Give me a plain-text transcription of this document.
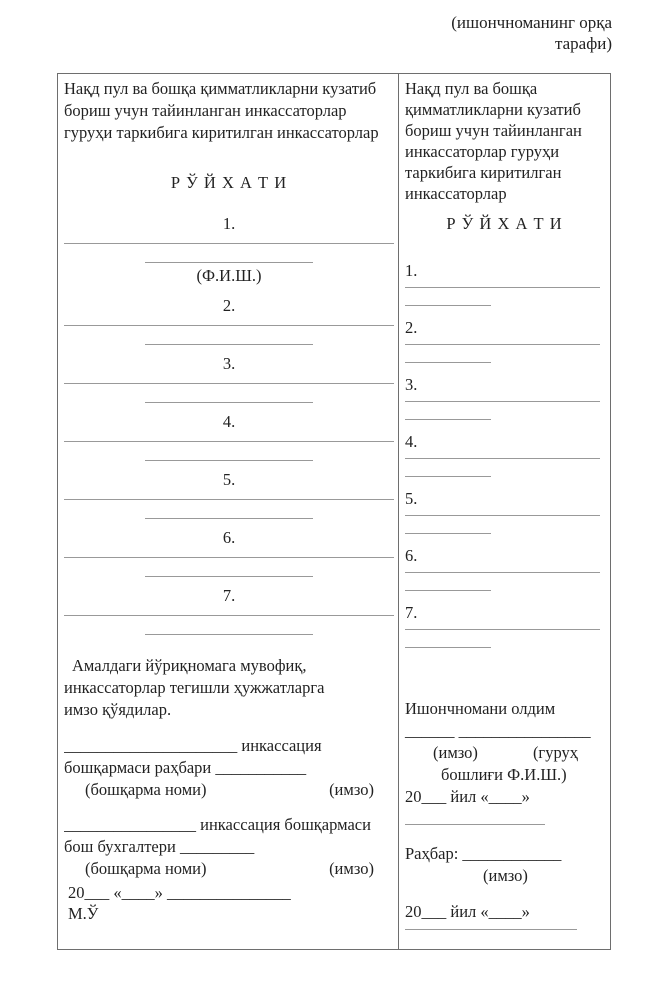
(ишончноманинг орқа тарафи)
Нақд пул ва бошқа қимматликларни кузатиб
бориш учун тайинланган инкассаторлар
гуруҳи таркибига киритилган инкассаторлар
Р Ў Й Х А Т И
1.
(Ф.И.Ш.)
2.
3.
4.
5.
6.
7.
Амалдаги йўриқномага мувофиқ,
инкассаторлар тегишли ҳужжатларга
имзо қўядилар.
_____________________ инкассация
бошқармаси раҳбари ___________
(бошқарма номи)	(имзо)
________________ инкассация бошқармаси
бош бухгалтери _________
(бошқарма номи)	(имзо)
20___ «____» _______________
М.Ў
Нақд пул ва бошқа
қимматликларни кузатиб
бориш учун тайинланган
инкассаторлар гуруҳи
таркибига киритилган
инкассаторлар
Р Ў Й Х А Т И
1.
2.
3.
4.
5.
6.
7.
Ишончномани олдим
______ ________________
(имзо)	(гуруҳ
бошлиғи Ф.И.Ш.)
20___ йил «____»
Раҳбар: ____________
(имзо)
20___ йил «____»
